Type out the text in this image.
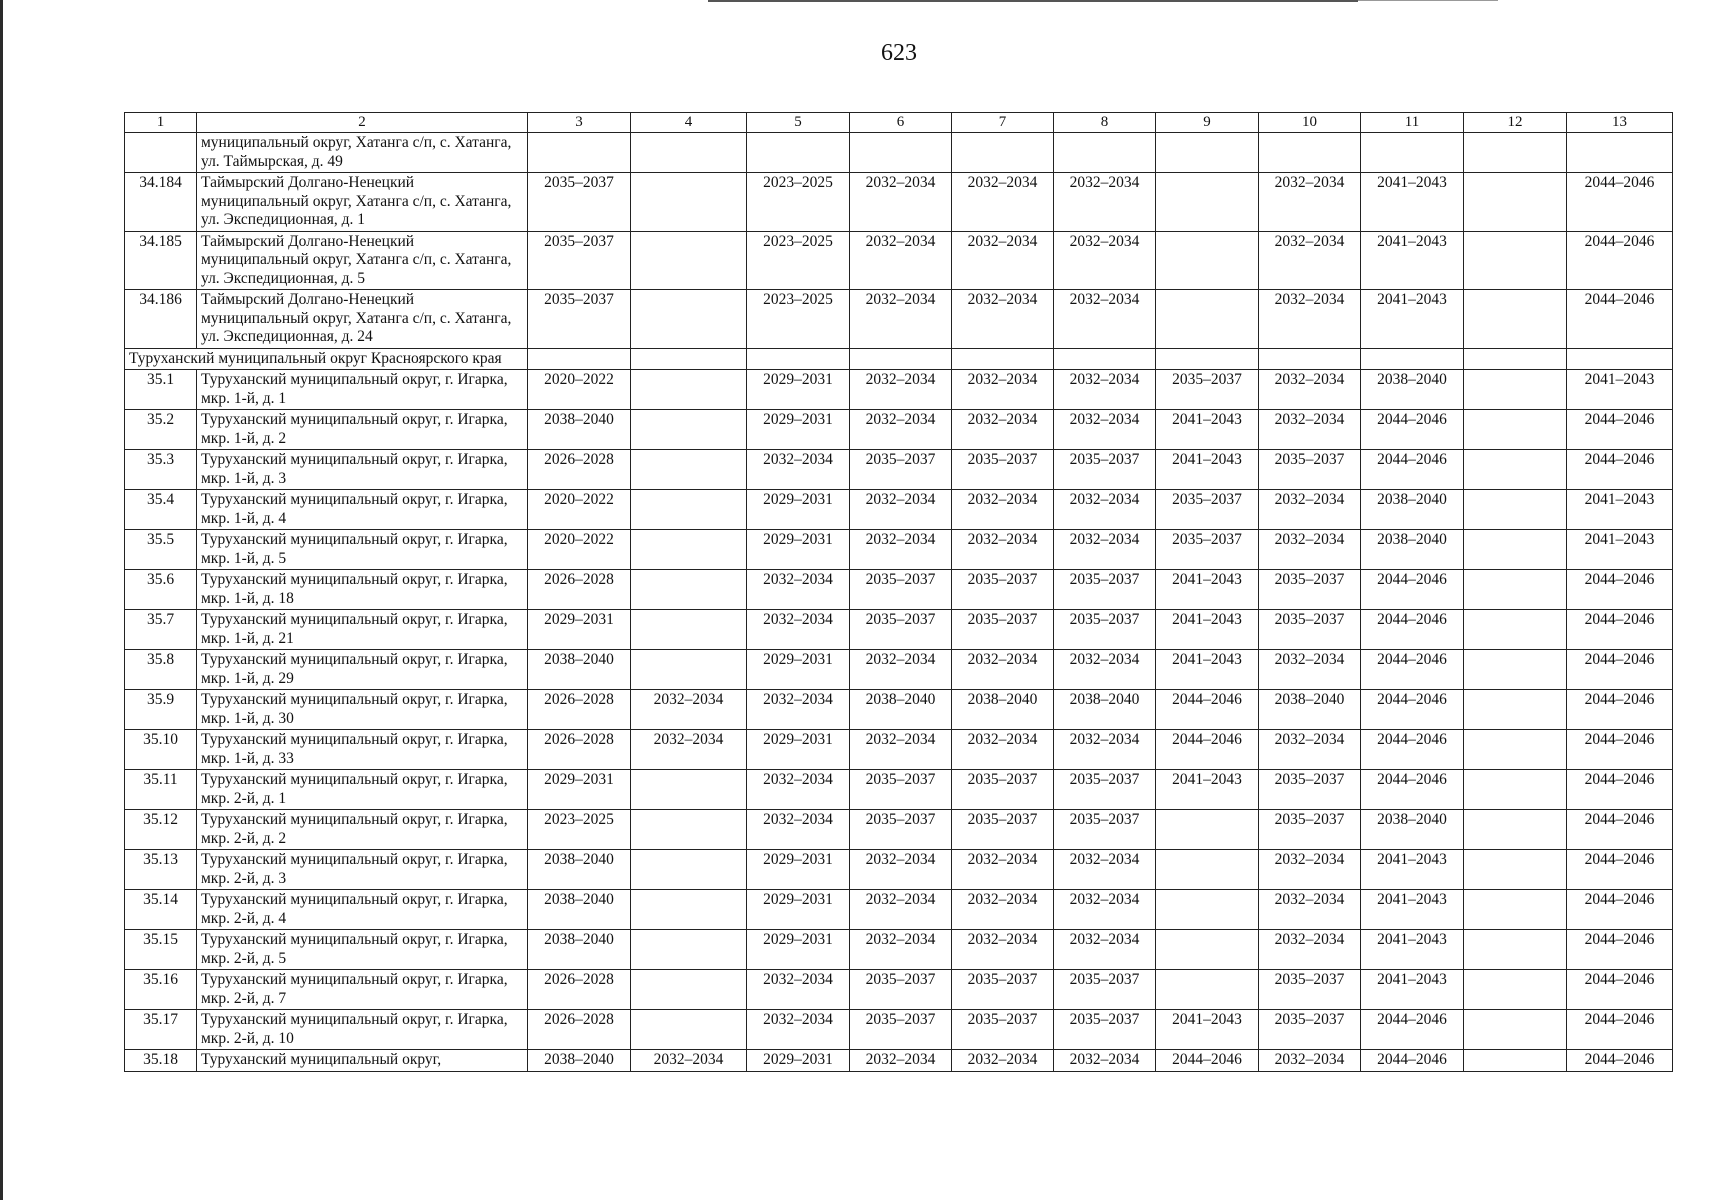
623
1	2	3	4	5	6	7	8	9	10	11	12	13
	муниципальный округ, Хатанга с/п, с. Хатанга, ул. Таймырская, д. 49											
34.184	Таймырский Долгано-Ненецкий муниципальный округ, Хатанга с/п, с. Хатанга, ул. Экспедиционная, д. 1	2035–2037		2023–2025	2032–2034	2032–2034	2032–2034		2032–2034	2041–2043		2044–2046
34.185	Таймырский Долгано-Ненецкий муниципальный округ, Хатанга с/п, с. Хатанга, ул. Экспедиционная, д. 5	2035–2037		2023–2025	2032–2034	2032–2034	2032–2034		2032–2034	2041–2043		2044–2046
34.186	Таймырский Долгано-Ненецкий муниципальный округ, Хатанга с/п, с. Хатанга, ул. Экспедиционная, д. 24	2035–2037		2023–2025	2032–2034	2032–2034	2032–2034		2032–2034	2041–2043		2044–2046
Туруханский муниципальный округ Красноярского края												
35.1	Туруханский муниципальный округ, г. Игарка, мкр. 1-й, д. 1	2020–2022		2029–2031	2032–2034	2032–2034	2032–2034	2035–2037	2032–2034	2038–2040		2041–2043
35.2	Туруханский муниципальный округ, г. Игарка, мкр. 1-й, д. 2	2038–2040		2029–2031	2032–2034	2032–2034	2032–2034	2041–2043	2032–2034	2044–2046		2044–2046
35.3	Туруханский муниципальный округ, г. Игарка, мкр. 1-й, д. 3	2026–2028		2032–2034	2035–2037	2035–2037	2035–2037	2041–2043	2035–2037	2044–2046		2044–2046
35.4	Туруханский муниципальный округ, г. Игарка, мкр. 1-й, д. 4	2020–2022		2029–2031	2032–2034	2032–2034	2032–2034	2035–2037	2032–2034	2038–2040		2041–2043
35.5	Туруханский муниципальный округ, г. Игарка, мкр. 1-й, д. 5	2020–2022		2029–2031	2032–2034	2032–2034	2032–2034	2035–2037	2032–2034	2038–2040		2041–2043
35.6	Туруханский муниципальный округ, г. Игарка, мкр. 1-й, д. 18	2026–2028		2032–2034	2035–2037	2035–2037	2035–2037	2041–2043	2035–2037	2044–2046		2044–2046
35.7	Туруханский муниципальный округ, г. Игарка, мкр. 1-й, д. 21	2029–2031		2032–2034	2035–2037	2035–2037	2035–2037	2041–2043	2035–2037	2044–2046		2044–2046
35.8	Туруханский муниципальный округ, г. Игарка, мкр. 1-й, д. 29	2038–2040		2029–2031	2032–2034	2032–2034	2032–2034	2041–2043	2032–2034	2044–2046		2044–2046
35.9	Туруханский муниципальный округ, г. Игарка, мкр. 1-й, д. 30	2026–2028	2032–2034	2032–2034	2038–2040	2038–2040	2038–2040	2044–2046	2038–2040	2044–2046		2044–2046
35.10	Туруханский муниципальный округ, г. Игарка, мкр. 1-й, д. 33	2026–2028	2032–2034	2029–2031	2032–2034	2032–2034	2032–2034	2044–2046	2032–2034	2044–2046		2044–2046
35.11	Туруханский муниципальный округ, г. Игарка, мкр. 2-й, д. 1	2029–2031		2032–2034	2035–2037	2035–2037	2035–2037	2041–2043	2035–2037	2044–2046		2044–2046
35.12	Туруханский муниципальный округ, г. Игарка, мкр. 2-й, д. 2	2023–2025		2032–2034	2035–2037	2035–2037	2035–2037		2035–2037	2038–2040		2044–2046
35.13	Туруханский муниципальный округ, г. Игарка, мкр. 2-й, д. 3	2038–2040		2029–2031	2032–2034	2032–2034	2032–2034		2032–2034	2041–2043		2044–2046
35.14	Туруханский муниципальный округ, г. Игарка, мкр. 2-й, д. 4	2038–2040		2029–2031	2032–2034	2032–2034	2032–2034		2032–2034	2041–2043		2044–2046
35.15	Туруханский муниципальный округ, г. Игарка, мкр. 2-й, д. 5	2038–2040		2029–2031	2032–2034	2032–2034	2032–2034		2032–2034	2041–2043		2044–2046
35.16	Туруханский муниципальный округ, г. Игарка, мкр. 2-й, д. 7	2026–2028		2032–2034	2035–2037	2035–2037	2035–2037		2035–2037	2041–2043		2044–2046
35.17	Туруханский муниципальный округ, г. Игарка, мкр. 2-й, д. 10	2026–2028		2032–2034	2035–2037	2035–2037	2035–2037	2041–2043	2035–2037	2044–2046		2044–2046
35.18	Туруханский муниципальный округ,	2038–2040	2032–2034	2029–2031	2032–2034	2032–2034	2032–2034	2044–2046	2032–2034	2044–2046		2044–2046
